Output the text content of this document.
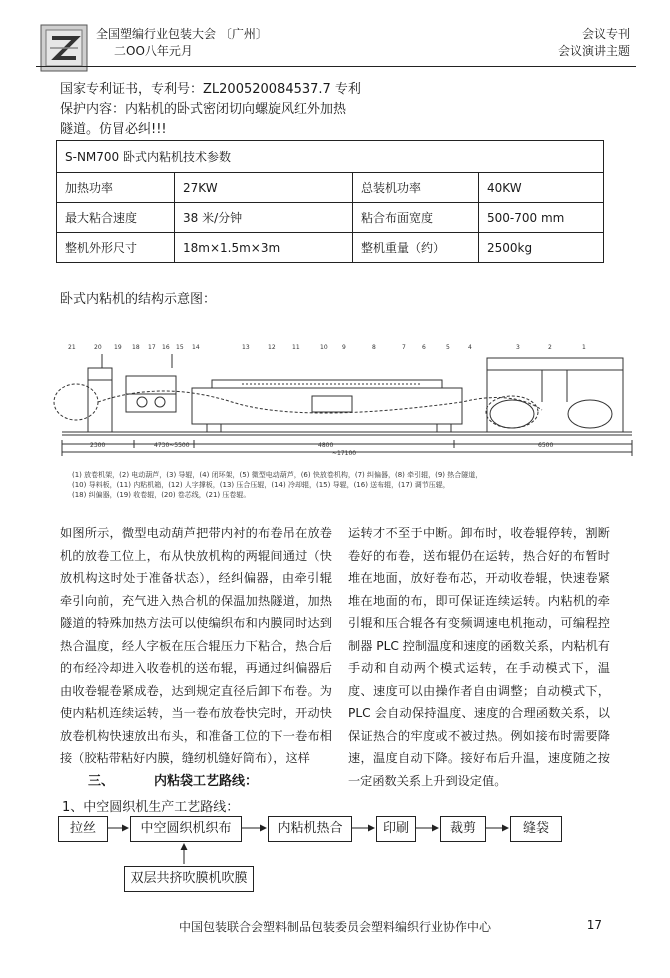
全国塑编行业包装大会 〔广州〕
二OO八年元月
会议专刊
会议演讲主题
国家专利证书，专利号：ZL200520084537.7 专利
保护内容：内粘机的卧式密闭切向螺旋风红外加热
隧道。仿冒必纠!!!
S-NM700 卧式内粘机技术参数			
加热功率	27KW	总装机功率	40KW
最大粘合速度	38 米/分钟	粘合布面宽度	500-700 mm
整机外形尺寸	18m×1.5m×3m	整机重量（约）	2500kg
卧式内粘机的结构示意图：
2300	4730~5500	4800	6500
~17100
21	20 19 18 17 16 15 14	13	12	11	10 9	8	7	6	5	4	3	2	1
(1) 放卷机架，(2) 电动葫芦，(3) 导辊，(4) 闭环架，(5) 微型电动葫芦，(6) 快放卷机构，(7) 纠偏器，(8) 牵引辊，(9) 热合隧道，
(10) 导料板，(11) 内粘机箱，(12) 人字撑板，(13) 压合压辊，(14) 冷却辊，(15) 导辊，(16) 送布辊，(17) 调节压辊，
(18) 纠偏器，(19) 收卷辊，(20) 卷芯线，(21) 压卷辊。
如图所示，微型电动葫芦把带内衬的布卷吊在放卷机的放卷工位上，布从快放机构的两辊间通过（快放机构这时处于准备状态），经纠偏器，由牵引辊牵引向前，充气进入热合机的保温加热隧道，加热隧道的特殊加热方法可以使编织布和内膜同时达到热合温度，经人字板在压合辊压力下粘合，热合后的布经冷却进入收卷机的送布辊，再通过纠偏器后由收卷辊卷紧成卷，达到规定直径后卸下布卷。为使内粘机连续运转，当一卷布放卷快完时，开动快放卷机构快速放出布头，和准备工位的下一卷布相接（胶粘带粘好内膜，缝纫机缝好筒布），这样
运转才不至于中断。卸布时，收卷辊停转，割断卷好的布卷，送布辊仍在运转，热合好的布暂时堆在地面，放好卷布芯，开动收卷辊，快速卷紧堆在地面的布，即可保证连续运转。内粘机的牵引辊和压合辊各有变频调速电机拖动，可编程控制器 PLC 控制温度和速度的函数关系，内粘机有手动和自动两个模式运转，在手动模式下，温度、速度可以由操作者自由调整；自动模式下，PLC 会自动保持温度、速度的合理函数关系，以保证热合的牢度或不被过热。例如接布时需要降速，温度自动下降。接好布后升温，速度随之按一定函数关系上升到设定值。
三、	内粘袋工艺路线：
1、中空圆织机生产工艺路线：
拉丝	中空圆织机织布	内粘机热合	印刷	裁剪	缝袋
双层共挤吹膜机吹膜
中国包装联合会塑料制品包装委员会塑料编织行业协作中心	17
